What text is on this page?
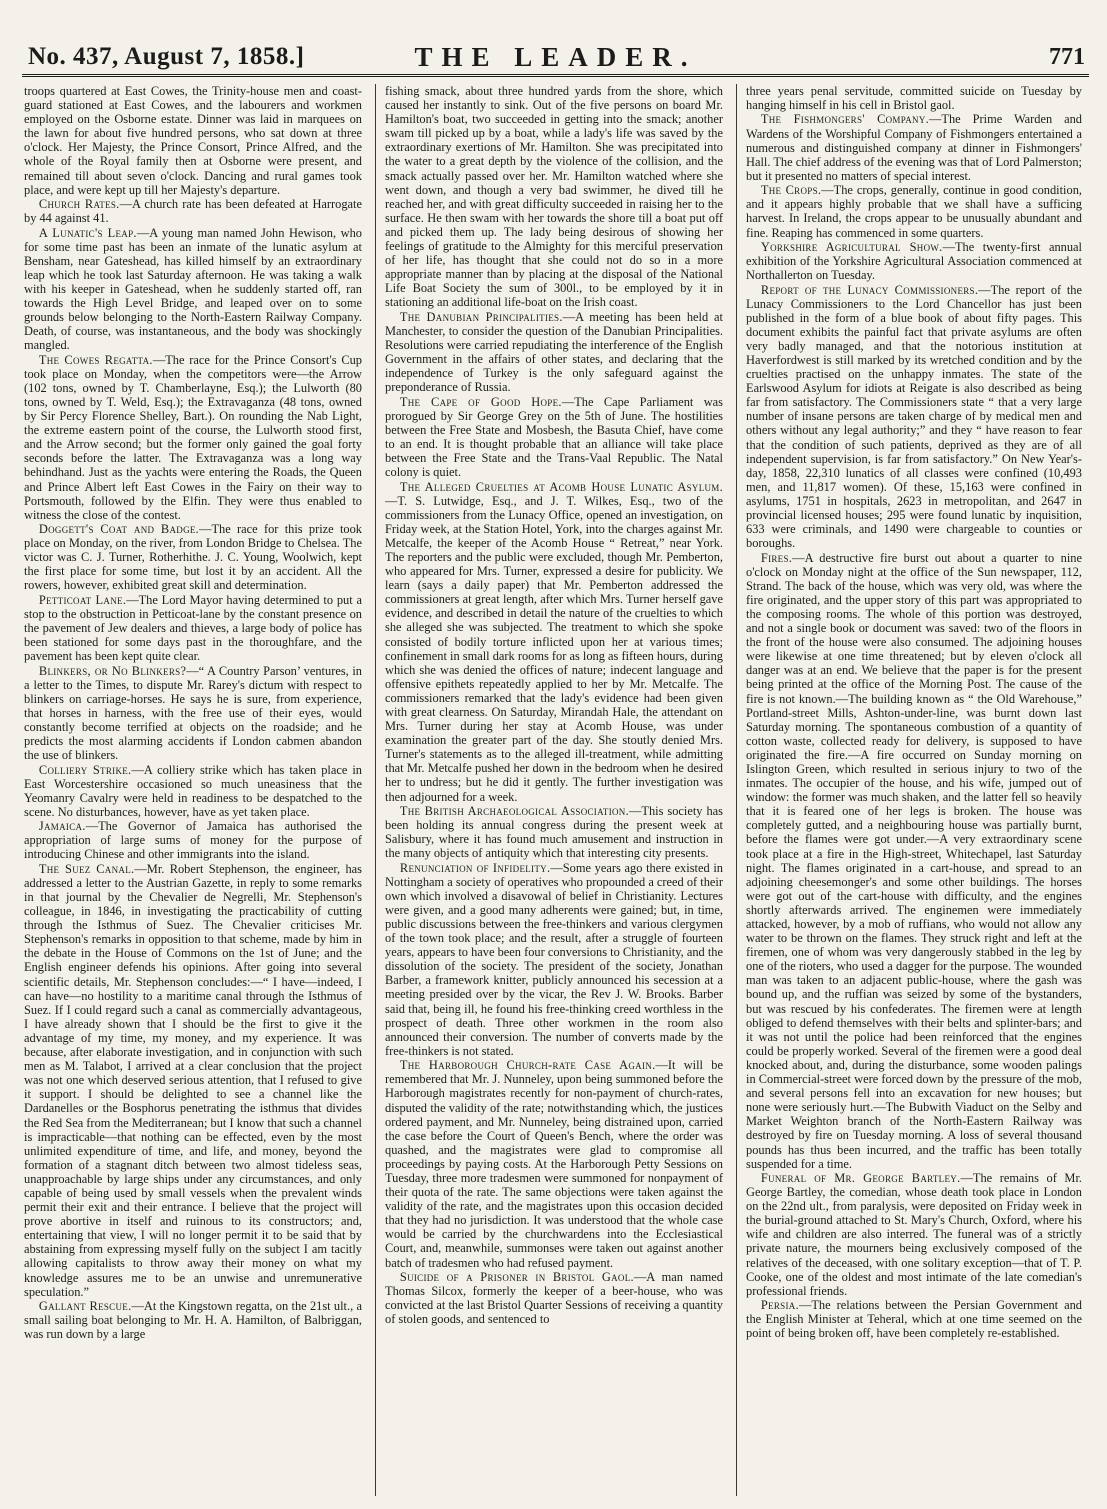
No. 437, August 7, 1858.]	THE LEADER.	771

troops quartered at East Cowes, the Trinity-house men and coast-guard stationed at East Cowes, and the labourers and workmen employed on the Osborne estate. Dinner was laid in marquees on the lawn for about five hundred persons, who sat down at three o'clock. Her Majesty, the Prince Consort, Prince Alfred, and the whole of the Royal family then at Osborne were present, and remained till about seven o'clock. Dancing and rural games took place, and were kept up till her Majesty's departure.

Church Rates.—A church rate has been defeated at Harrogate by 44 against 41.

A Lunatic's Leap.—A young man named John Hewison, who for some time past has been an inmate of the lunatic asylum at Bensham, near Gateshead, has killed himself by an extraordinary leap which he took last Saturday afternoon. He was taking a walk with his keeper in Gateshead, when he suddenly started off, ran towards the High Level Bridge, and leaped over on to some grounds below belonging to the North-Eastern Railway Company. Death, of course, was instantaneous, and the body was shockingly mangled.

The Cowes Regatta.—The race for the Prince Consort's Cup took place on Monday, when the competitors were—the Arrow (102 tons, owned by T. Chamberlayne, Esq.); the Lulworth (80 tons, owned by T. Weld, Esq.); the Extravaganza (48 tons, owned by Sir Percy Florence Shelley, Bart.). On rounding the Nab Light, the extreme eastern point of the course, the Lulworth stood first, and the Arrow second; but the former only gained the goal forty seconds before the latter. The Extravaganza was a long way behindhand. Just as the yachts were entering the Roads, the Queen and Prince Albert left East Cowes in the Fairy on their way to Portsmouth, followed by the Elfin. They were thus enabled to witness the close of the contest.

Doggett's Coat and Badge.—The race for this prize took place on Monday, on the river, from London Bridge to Chelsea. The victor was C. J. Turner, Rotherhithe. J. C. Young, Woolwich, kept the first place for some time, but lost it by an accident. All the rowers, however, exhibited great skill and determination.

Petticoat Lane.—The Lord Mayor having determined to put a stop to the obstruction in Petticoat-lane by the constant presence on the pavement of Jew dealers and thieves, a large body of police has been stationed for some days past in the thoroughfare, and the pavement has been kept quite clear.

Blinkers, or No Blinkers?—“ A Country Parson’ ventures, in a letter to the Times, to dispute Mr. Rarey's dictum with respect to blinkers on carriage-horses. He says he is sure, from experience, that horses in harness, with the free use of their eyes, would constantly become terrified at objects on the roadside; and he predicts the most alarming accidents if London cabmen abandon the use of blinkers.

Colliery Strike.—A colliery strike which has taken place in East Worcestershire occasioned so much uneasiness that the Yeomanry Cavalry were held in readiness to be despatched to the scene. No disturbances, however, have as yet taken place.

Jamaica.—The Governor of Jamaica has authorised the appropriation of large sums of money for the purpose of introducing Chinese and other immigrants into the island.

The Suez Canal.—Mr. Robert Stephenson, the engineer, has addressed a letter to the Austrian Gazette, in reply to some remarks in that journal by the Chevalier de Negrelli, Mr. Stephenson's colleague, in 1846, in investigating the practicability of cutting through the Isthmus of Suez. The Chevalier criticises Mr. Stephenson's remarks in opposition to that scheme, made by him in the debate in the House of Commons on the 1st of June; and the English engineer defends his opinions. After going into several scientific details, Mr. Stephenson concludes:—“ I have—indeed, I can have—no hostility to a maritime canal through the Isthmus of Suez. If I could regard such a canal as commercially advantageous, I have already shown that I should be the first to give it the advantage of my time, my money, and my experience. It was because, after elaborate investigation, and in conjunction with such men as M. Talabot, I arrived at a clear conclusion that the project was not one which deserved serious attention, that I refused to give it support. I should be delighted to see a channel like the Dardanelles or the Bosphorus penetrating the isthmus that divides the Red Sea from the Mediterranean; but I know that such a channel is impracticable—that nothing can be effected, even by the most unlimited expenditure of time, and life, and money, beyond the formation of a stagnant ditch between two almost tideless seas, unapproachable by large ships under any circumstances, and only capable of being used by small vessels when the prevalent winds permit their exit and their entrance. I believe that the project will prove abortive in itself and ruinous to its constructors; and, entertaining that view, I will no longer permit it to be said that by abstaining from expressing myself fully on the subject I am tacitly allowing capitalists to throw away their money on what my knowledge assures me to be an unwise and unremunerative speculation.”

Gallant Rescue.—At the Kingstown regatta, on the 21st ult., a small sailing boat belonging to Mr. H. A. Hamilton, of Balbriggan, was run down by a large

fishing smack, about three hundred yards from the shore, which caused her instantly to sink. Out of the five persons on board Mr. Hamilton's boat, two succeeded in getting into the smack; another swam till picked up by a boat, while a lady's life was saved by the extraordinary exertions of Mr. Hamilton. She was precipitated into the water to a great depth by the violence of the collision, and the smack actually passed over her. Mr. Hamilton watched where she went down, and though a very bad swimmer, he dived till he reached her, and with great difficulty succeeded in raising her to the surface. He then swam with her towards the shore till a boat put off and picked them up. The lady being desirous of showing her feelings of gratitude to the Almighty for this merciful preservation of her life, has thought that she could not do so in a more appropriate manner than by placing at the disposal of the National Life Boat Society the sum of 300l., to be employed by it in stationing an additional life-boat on the Irish coast.

The Danubian Principalities.—A meeting has been held at Manchester, to consider the question of the Danubian Principalities. Resolutions were carried repudiating the interference of the English Government in the affairs of other states, and declaring that the independence of Turkey is the only safeguard against the preponderance of Russia.

The Cape of Good Hope.—The Cape Parliament was prorogued by Sir George Grey on the 5th of June. The hostilities between the Free State and Mosbesh, the Basuta Chief, have come to an end. It is thought probable that an alliance will take place between the Free State and the Trans-Vaal Republic. The Natal colony is quiet.

The Alleged Cruelties at Acomb House Lunatic Asylum.—T. S. Lutwidge, Esq., and J. T. Wilkes, Esq., two of the commissioners from the Lunacy Office, opened an investigation, on Friday week, at the Station Hotel, York, into the charges against Mr. Metcalfe, the keeper of the Acomb House “ Retreat,” near York. The reporters and the public were excluded, though Mr. Pemberton, who appeared for Mrs. Turner, expressed a desire for publicity. We learn (says a daily paper) that Mr. Pemberton addressed the commissioners at great length, after which Mrs. Turner herself gave evidence, and described in detail the nature of the cruelties to which she alleged she was subjected. The treatment to which she spoke consisted of bodily torture inflicted upon her at various times; confinement in small dark rooms for as long as fifteen hours, during which she was denied the offices of nature; indecent language and offensive epithets repeatedly applied to her by Mr. Metcalfe. The commissioners remarked that the lady's evidence had been given with great clearness. On Saturday, Mirandah Hale, the attendant on Mrs. Turner during her stay at Acomb House, was under examination the greater part of the day. She stoutly denied Mrs. Turner's statements as to the alleged ill-treatment, while admitting that Mr. Metcalfe pushed her down in the bedroom when he desired her to undress; but he did it gently. The further investigation was then adjourned for a week.

The British Archaeological Association.—This society has been holding its annual congress during the present week at Salisbury, where it has found much amusement and instruction in the many objects of antiquity which that interesting city presents.

Renunciation of Infidelity.—Some years ago there existed in Nottingham a society of operatives who propounded a creed of their own which involved a disavowal of belief in Christianity. Lectures were given, and a good many adherents were gained; but, in time, public discussions between the free-thinkers and various clergymen of the town took place; and the result, after a struggle of fourteen years, appears to have been four conversions to Christianity, and the dissolution of the society. The president of the society, Jonathan Barber, a framework knitter, publicly announced his secession at a meeting presided over by the vicar, the Rev J. W. Brooks. Barber said that, being ill, he found his free-thinking creed worthless in the prospect of death. Three other workmen in the room also announced their conversion. The number of converts made by the free-thinkers is not stated.

The Harborough Church-rate Case Again.—It will be remembered that Mr. J. Nunneley, upon being summoned before the Harborough magistrates recently for non-payment of church-rates, disputed the validity of the rate; notwithstanding which, the justices ordered payment, and Mr. Nunneley, being distrained upon, carried the case before the Court of Queen's Bench, where the order was quashed, and the magistrates were glad to compromise all proceedings by paying costs. At the Harborough Petty Sessions on Tuesday, three more tradesmen were summoned for nonpayment of their quota of the rate. The same objections were taken against the validity of the rate, and the magistrates upon this occasion decided that they had no jurisdiction. It was understood that the whole case would be carried by the churchwardens into the Ecclesiastical Court, and, meanwhile, summonses were taken out against another batch of tradesmen who had refused payment.

Suicide of a Prisoner in Bristol Gaol.—A man named Thomas Silcox, formerly the keeper of a beer-house, who was convicted at the last Bristol Quarter Sessions of receiving a quantity of stolen goods, and sentenced to

three years penal servitude, committed suicide on Tuesday by hanging himself in his cell in Bristol gaol.

The Fishmongers' Company.—The Prime Warden and Wardens of the Worshipful Company of Fishmongers entertained a numerous and distinguished company at dinner in Fishmongers' Hall. The chief address of the evening was that of Lord Palmerston; but it presented no matters of special interest.

The Crops.—The crops, generally, continue in good condition, and it appears highly probable that we shall have a sufficing harvest. In Ireland, the crops appear to be unusually abundant and fine. Reaping has commenced in some quarters.

Yorkshire Agricultural Show.—The twenty-first annual exhibition of the Yorkshire Agricultural Association commenced at Northallerton on Tuesday.

Report of the Lunacy Commissioners.—The report of the Lunacy Commissioners to the Lord Chancellor has just been published in the form of a blue book of about fifty pages. This document exhibits the painful fact that private asylums are often very badly managed, and that the notorious institution at Haverfordwest is still marked by its wretched condition and by the cruelties practised on the unhappy inmates. The state of the Earlswood Asylum for idiots at Reigate is also described as being far from satisfactory. The Commissioners state “ that a very large number of insane persons are taken charge of by medical men and others without any legal authority;” and they “ have reason to fear that the condition of such patients, deprived as they are of all independent supervision, is far from satisfactory.” On New Year's-day, 1858, 22,310 lunatics of all classes were confined (10,493 men, and 11,817 women). Of these, 15,163 were confined in asylums, 1751 in hospitals, 2623 in metropolitan, and 2647 in provincial licensed houses; 295 were found lunatic by inquisition, 633 were criminals, and 1490 were chargeable to counties or boroughs.

Fires.—A destructive fire burst out about a quarter to nine o'clock on Monday night at the office of the Sun newspaper, 112, Strand. The back of the house, which was very old, was where the fire originated, and the upper story of this part was appropriated to the composing rooms. The whole of this portion was destroyed, and not a single book or document was saved: two of the floors in the front of the house were also consumed. The adjoining houses were likewise at one time threatened; but by eleven o'clock all danger was at an end. We believe that the paper is for the present being printed at the office of the Morning Post. The cause of the fire is not known.—The building known as “ the Old Warehouse,” Portland-street Mills, Ashton-under-line, was burnt down last Saturday morning. The spontaneous combustion of a quantity of cotton waste, collected ready for delivery, is supposed to have originated the fire.—A fire occurred on Sunday morning on Islington Green, which resulted in serious injury to two of the inmates. The occupier of the house, and his wife, jumped out of window: the former was much shaken, and the latter fell so heavily that it is feared one of her legs is broken. The house was completely gutted, and a neighbouring house was partially burnt, before the flames were got under.—A very extraordinary scene took place at a fire in the High-street, Whitechapel, last Saturday night. The flames originated in a cart-house, and spread to an adjoining cheesemonger's and some other buildings. The horses were got out of the cart-house with difficulty, and the engines shortly afterwards arrived. The enginemen were immediately attacked, however, by a mob of ruffians, who would not allow any water to be thrown on the flames. They struck right and left at the firemen, one of whom was very dangerously stabbed in the leg by one of the rioters, who used a dagger for the purpose. The wounded man was taken to an adjacent public-house, where the gash was bound up, and the ruffian was seized by some of the bystanders, but was rescued by his confederates. The firemen were at length obliged to defend themselves with their belts and splinter-bars; and it was not until the police had been reinforced that the engines could be properly worked. Several of the firemen were a good deal knocked about, and, during the disturbance, some wooden palings in Commercial-street were forced down by the pressure of the mob, and several persons fell into an excavation for new houses; but none were seriously hurt.—The Bubwith Viaduct on the Selby and Market Weighton branch of the North-Eastern Railway was destroyed by fire on Tuesday morning. A loss of several thousand pounds has thus been incurred, and the traffic has been totally suspended for a time.

Funeral of Mr. George Bartley.—The remains of Mr. George Bartley, the comedian, whose death took place in London on the 22nd ult., from paralysis, were deposited on Friday week in the burial-ground attached to St. Mary's Church, Oxford, where his wife and children are also interred. The funeral was of a strictly private nature, the mourners being exclusively composed of the relatives of the deceased, with one solitary exception—that of T. P. Cooke, one of the oldest and most intimate of the late comedian's professional friends.

Persia.—The relations between the Persian Government and the English Minister at Teheral, which at one time seemed on the point of being broken off, have been completely re-established.
